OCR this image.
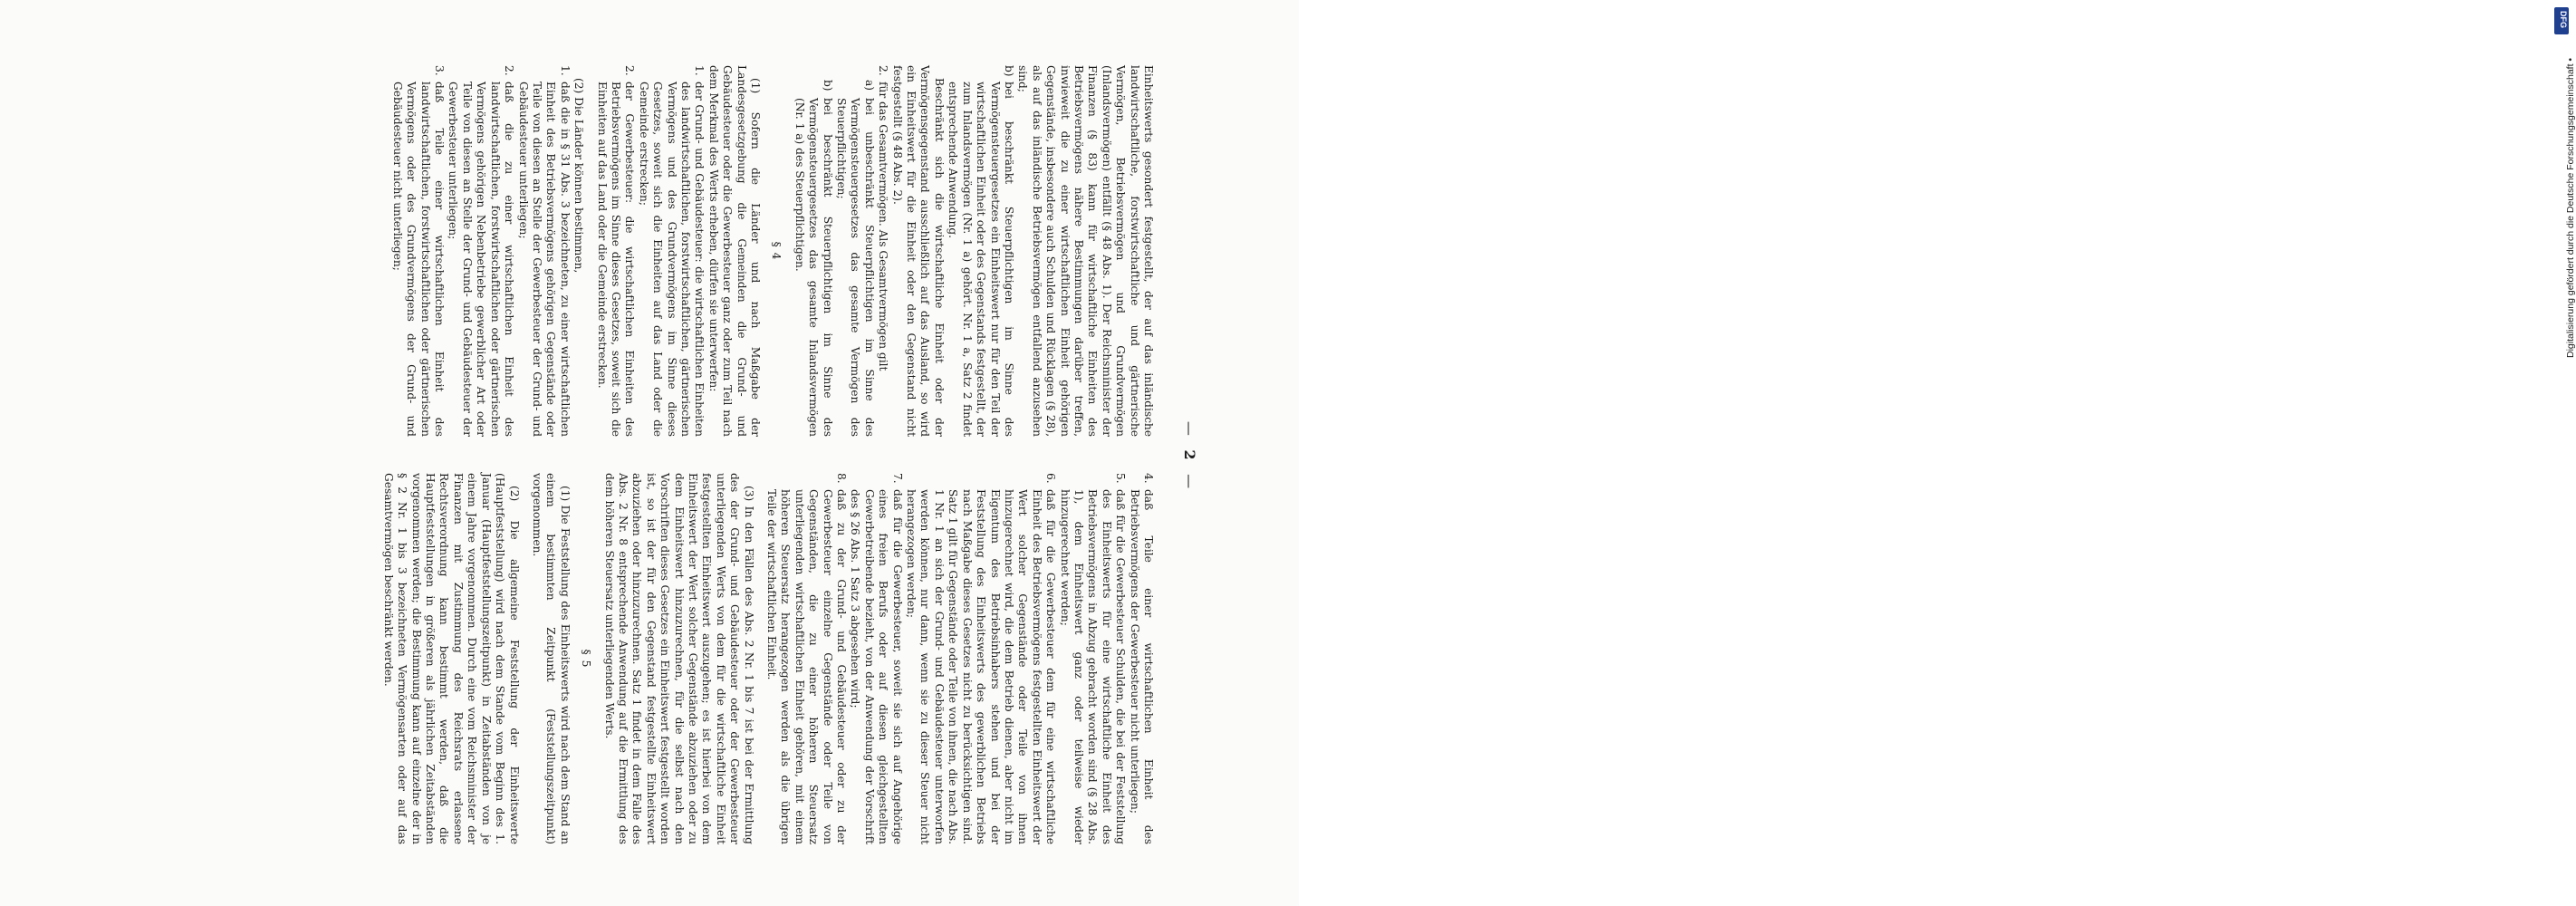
— 2 —

Einheitswerts gesondert festgestellt, der auf das inländische landwirtschaftliche, forstwirtschaftliche und gärtnerische Vermögen, Betriebsvermögen und Grundvermögen (Inlandsvermögen) entfällt (§ 48 Abs. 1). Der Reichsminister der Finanzen (§ 83) kann für wirtschaftliche Einheiten des Betriebsvermögens nähere Bestimmungen darüber treffen, inwieweit die zu einer wirtschaftlichen Einheit gehörigen Gegenstände, insbesondere auch Schulden und Rücklagen (§ 28), als auf das inländische Betriebsvermögen entfallend anzusehen sind;

b)
bei beschränkt Steuerpflichtigen im Sinne des Vermögensteuergesetzes ein Einheitswert nur für den Teil der wirtschaftlichen Einheit oder des Gegenstands festgestellt, der zum Inlandsvermögen (Nr. 1 a) gehört. Nr. 1 a, Satz 2 findet entsprechende Anwendung.

Beschränkt sich die wirtschaftliche Einheit oder der Vermögensgegenstand ausschließlich auf das Ausland, so wird ein Einheitswert für die Einheit oder den Gegenstand nicht festgestellt (§ 48 Abs. 2).

2.
für das Gesamtvermögen. Als Gesamtvermögen gilt

a)
bei unbeschränkt Steuerpflichtigen im Sinne des Vermögensteuergesetzes das gesamte Vermögen des Steuerpflichtigen;

b)
bei beschränkt Steuerpflichtigen im Sinne des Vermögensteuergesetzes das gesamte Inlandsvermögen (Nr. 1 a) des Steuerpflichtigen.

§ 4

(1) Sofern die Länder und nach Maßgabe der Landesgesetzgebung die Gemeinden die Grund- und Gebäudesteuer oder die Gewerbesteuer ganz oder zum Teil nach dem Merkmal des Werts erheben, dürfen sie unterwerfen:

1.
der Grund- und Gebäudesteuer: die wirtschaftlichen Einheiten des landwirtschaftlichen, forstwirtschaftlichen, gärtnerischen Vermögens und des Grundvermögens im Sinne dieses Gesetzes, soweit sich die Einheiten auf das Land oder die Gemeinde erstrecken;

2.
der Gewerbesteuer: die wirtschaftlichen Einheiten des Betriebsvermögens im Sinne dieses Gesetzes, soweit sich die Einheiten auf das Land oder die Gemeinde erstrecken.

(2) Die Länder können bestimmen,

1.
daß die in § 31 Abs. 3 bezeichneten, zu einer wirtschaftlichen Einheit des Betriebsvermögens gehörigen Gegenstände oder Teile von diesen an Stelle der Gewerbesteuer der Grund- und Gebäudesteuer unterliegen;

2.
daß die zu einer wirtschaftlichen Einheit des landwirtschaftlichen, forstwirtschaftlichen oder gärtnerischen Vermögens gehörigen Nebenbetriebe gewerblicher Art oder Teile von diesen an Stelle der Grund- und Gebäudesteuer der Gewerbesteuer unterliegen;

3.
daß Teile einer wirtschaftlichen Einheit des landwirtschaftlichen, forstwirtschaftlichen oder gärtnerischen Vermögens oder des Grundvermögens der Grund- und Gebäudesteuer nicht unterliegen;

4.
daß Teile einer wirtschaftlichen Einheit des Betriebsvermögens der Gewerbesteuer nicht unterliegen;

5.
daß für die Gewerbesteuer Schulden, die bei der Feststellung des Einheitswerts für eine wirtschaftliche Einheit des Betriebsvermögens in Abzug gebracht worden sind (§ 28 Abs. 1), dem Einheitswert ganz oder teilweise wieder hinzugerechnet werden;

6.
daß für die Gewerbesteuer dem für eine wirtschaftliche Einheit des Betriebsvermögens festgestellten Einheitswert der Wert solcher Gegenstände oder Teile von ihnen hinzugerechnet wird, die dem Betrieb dienen, aber nicht im Eigentum des Betriebsinhabers stehen und bei der Feststellung des Einheitswerts des gewerblichen Betriebs nach Maßgabe dieses Gesetzes nicht zu berücksichtigen sind. Satz 1 gilt für Gegenstände oder Teile von ihnen, die nach Abs. 1 Nr. 1 an sich der Grund- und Gebäudesteuer unterworfen werden können, nur dann, wenn sie zu dieser Steuer nicht herangezogen werden;

7.
daß für die Gewerbesteuer, soweit sie sich auf Angehörige eines freien Berufs oder auf diesen gleichgestellten Gewerbetreibende bezieht, von der Anwendung der Vorschrift des § 26 Abs. 1 Satz 3 abgesehen wird;

8.
daß zu der Grund- und Gebäudesteuer oder zu der Gewerbesteuer einzelne Gegenstände oder Teile von Gegenständen, die zu einer höheren Steuersatz unterliegenden wirtschaftlichen Einheit gehören, mit einem höheren Steuersatz herangezogen werden als die übrigen Teile der wirtschaftlichen Einheit.

(3) In den Fällen des Abs. 2 Nr. 1 bis 7 ist bei der Ermittlung des der Grund- und Gebäudesteuer oder der Gewerbesteuer unterliegenden Werts von dem für die wirtschaftliche Einheit festgestellten Einheitswert auszugehen; es ist hierbei von dem Einheitswert der Wert solcher Gegenstände abzuziehen oder zu dem Einheitswert hinzuzurechnen, für die selbst nach den Vorschriften dieses Gesetzes ein Einheitswert festgestellt worden ist, so ist der für den Gegenstand festgestellte Einheitswert abzuziehen oder hinzuzurechnen. Satz 1 findet in dem Falle des Abs. 2 Nr. 8 entsprechende Anwendung auf die Ermittlung des dem höheren Steuersatz unterliegenden Werts.

§ 5

(1) Die Feststellung des Einheitswerts wird nach dem Stand an einem bestimmten Zeitpunkt (Feststellungszeitpunkt) vorgenommen.

(2) Die allgemeine Feststellung der Einheitswerte (Hauptfeststellung) wird nach dem Stande vom Beginn des 1. Januar (Hauptfeststellungszeitpunkt) in Zeitabständen von je einem Jahre vorgenommen. Durch eine vom Reichsminister der Finanzen mit Zustimmung des Reichsrats erlassene Rechtsverordnung kann bestimmt werden, daß die Hauptfeststellungen in größeren als jährlichen Zeitabständen vorgenommen werden; die Bestimmung kann auf einzelne der in § 2 Nr. 1 bis 3 bezeichneten Vermögensarten oder auf das Gesamtvermögen beschränkt werden.

DFG
Digitalisierung gefördert durch die Deutsche Forschungsgemeinschaft •
